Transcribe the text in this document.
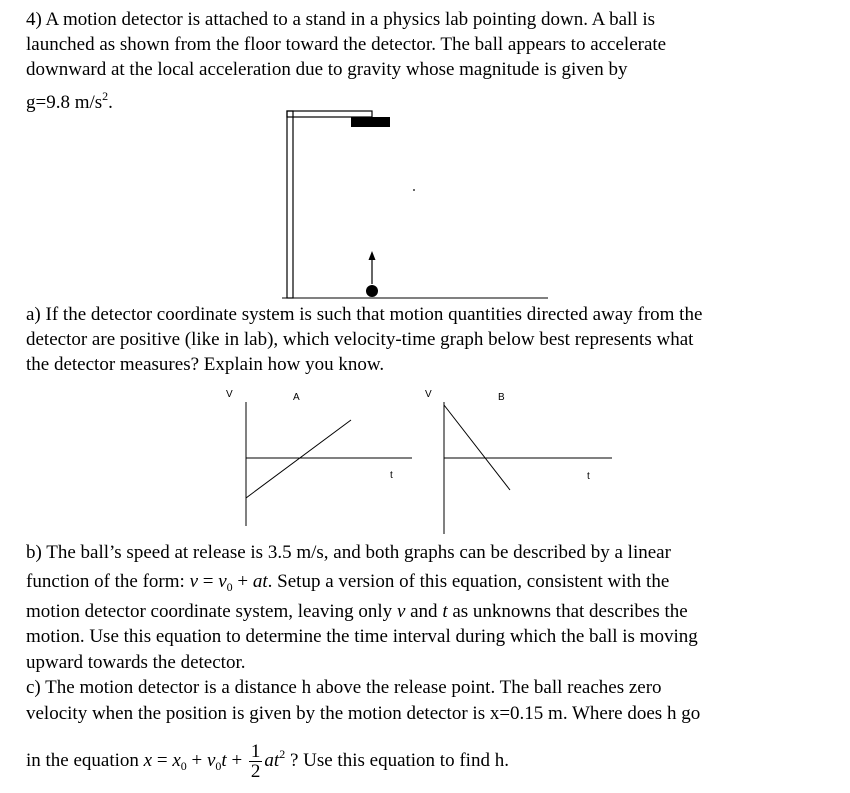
4) A motion detector is attached to a stand in a physics lab pointing down. A ball is
launched as shown from the floor toward the detector. The ball appears to accelerate
downward at the local acceleration due to gravity whose magnitude is given by
g=9.8 $m/s^2$.
a) If the detector coordinate system is such that motion quantities directed away from the
detector are positive (like in lab), which velocity-time graph below best represents what
the detector measures? Explain how you know.
V	A
t
V	B
t
b) The ball’s speed at release is 3.5 m/s, and both graphs can be described by a linear
function of the form: $v = v_0$ + at. Setup a version of this equation, consistent with the
motion detector coordinate system, leaving only v and t as unknowns that describes the
motion. Use this equation to determine the time interval during which the ball is moving
upward towards the detector.
c) The motion detector is a distance h above the release point. The ball reaches zero
velocity when the position is given by the motion detector is x=0.15 m. Where does h go
in the equation $x = x_0 + v_0t + \frac{1}{2} at^2$ ? Use this equation to find h.
